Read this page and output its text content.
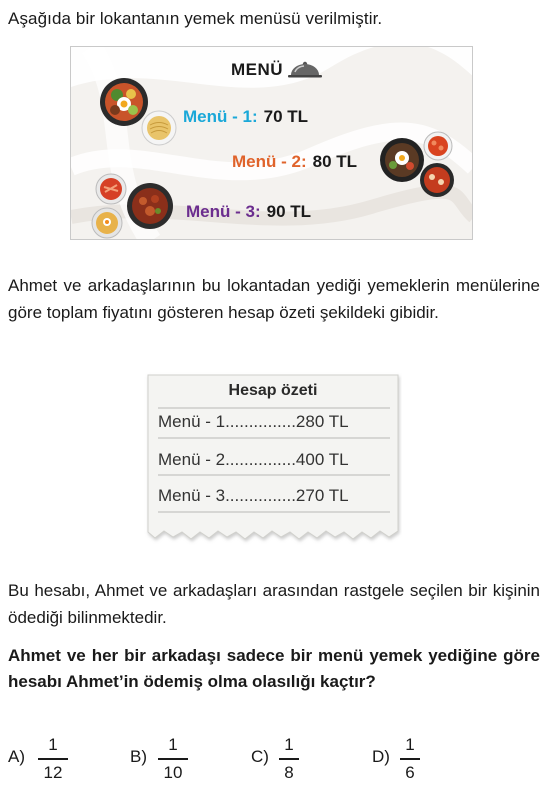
Aşağıda bir lokantanın yemek menüsü verilmiştir.
MENÜ
Menü - 1: 70 TL
Menü - 2: 80 TL
Menü - 3: 90 TL
Ahmet ve arkadaşlarının bu lokantadan yediği yemeklerin menülerine göre toplam fiyatını gösteren hesap özeti şekildeki gibidir.
Hesap özeti
Menü - 1...............280 TL
Menü - 2...............400 TL
Menü - 3...............270 TL
Bu hesabı, Ahmet ve arkadaşları arasından rastgele seçilen bir kişinin ödediği bilinmektedir.
Ahmet ve her bir arkadaşı sadece bir menü yemek yediğine göre hesabı Ahmet’in ödemiş olma olasılığı kaçtır?
A)
1
12
B)
1
10
C)
1
8
D)
1
6
